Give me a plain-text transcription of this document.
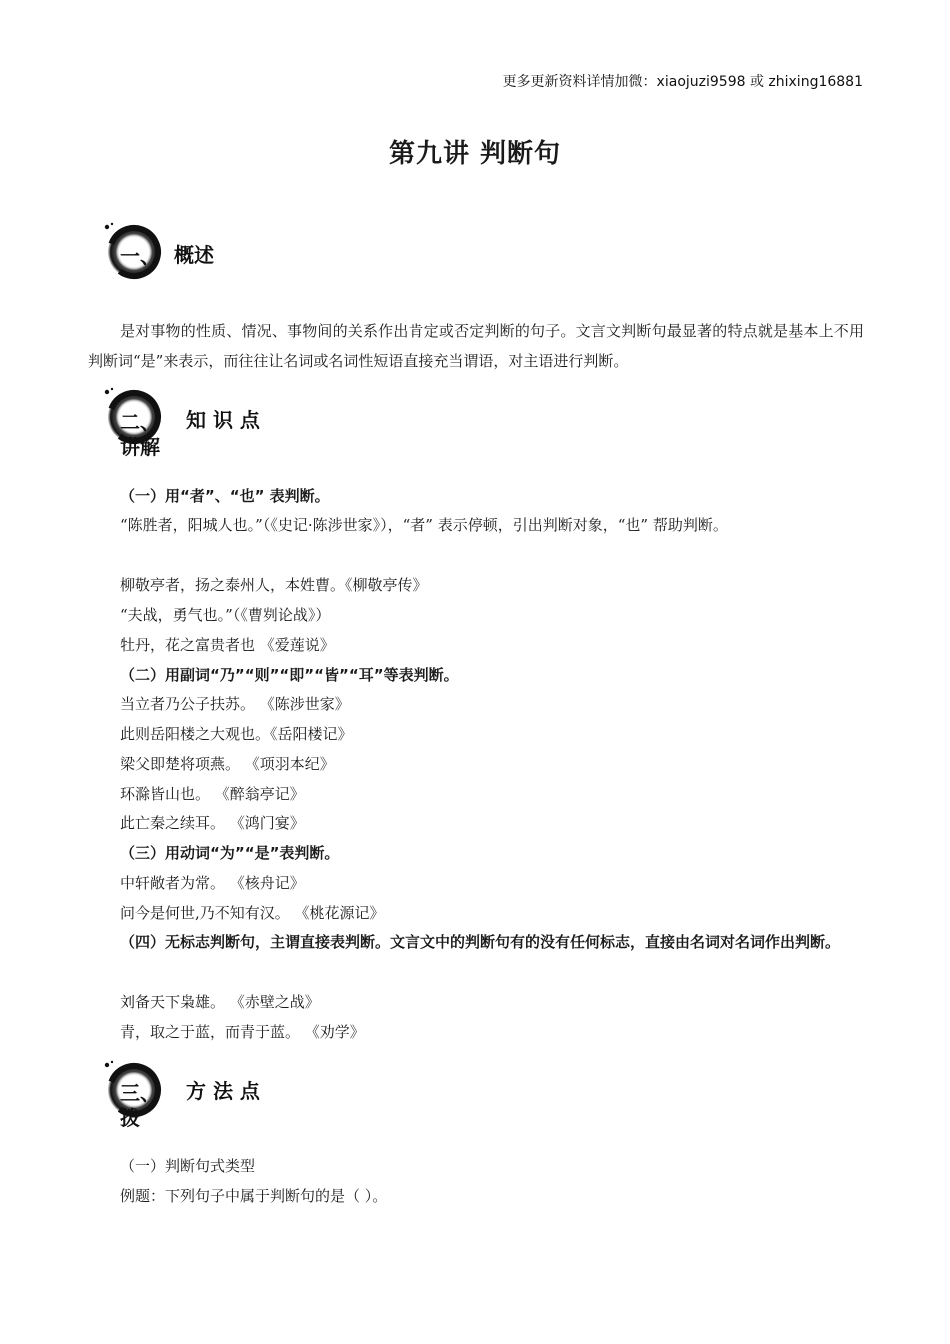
更多更新资料详情加微：xiaojuzi9598 或 zhixing16881
第九讲 判断句
一、 概述
是对事物的性质、情况、事物间的关系作出肯定或否定判断的句子。文言文判断句最显著的特点就是基本上不用判断词“是”来表示，而往往让名词或名词性短语直接充当谓语，对主语进行判断。
二、 知 识 点
讲解
（一）用“者”、“也” 表判断。
“陈胜者，阳城人也。”（《史记·陈涉世家》），“者” 表示停顿，引出判断对象，“也” 帮助判断。
柳敬亭者，扬之泰州人，本姓曹。《柳敬亭传》
“夫战，勇气也。”（《曹刿论战》）
牡丹，花之富贵者也 《爱莲说》
（二）用副词“乃”“则”“即”“皆”“耳”等表判断。
当立者乃公子扶苏。 《陈涉世家》
此则岳阳楼之大观也。《岳阳楼记》
梁父即楚将项燕。 《项羽本纪》
环滁皆山也。 《醉翁亭记》
此亡秦之续耳。 《鸿门宴》
（三）用动词“为”“是”表判断。
中轩敞者为常。 《核舟记》
问今是何世,乃不知有汉。 《桃花源记》
（四）无标志判断句，主谓直接表判断。文言文中的判断句有的没有任何标志，直接由名词对名词作出判断。
刘备天下枭雄。 《赤壁之战》
青，取之于蓝，而青于蓝。 《劝学》
三、 方 法 点
拨
（一）判断句式类型
例题：下列句子中属于判断句的是（ ）。
